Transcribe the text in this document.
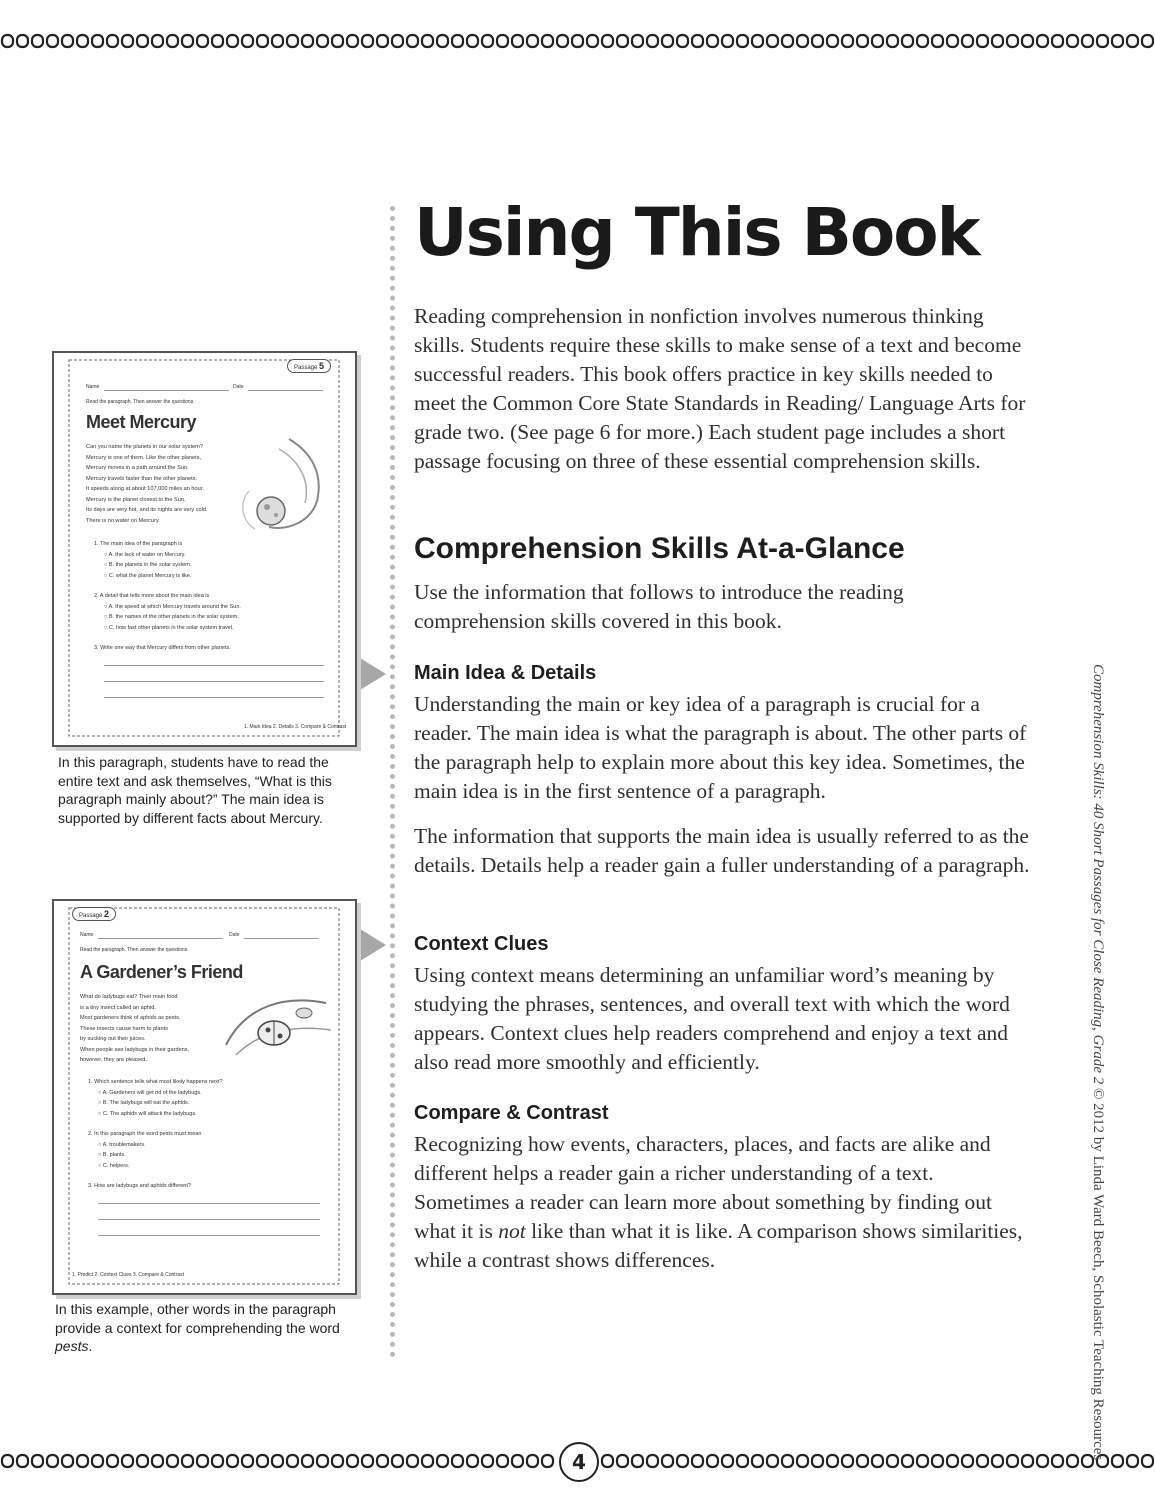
4
Using This Book

Reading comprehension in nonfiction involves numerous thinking skills. Students require these skills to make sense of a text and become successful readers. This book offers practice in key skills needed to meet the Common Core State Standards in Reading/ Language Arts for grade two. (See page 6 for more.) Each student page includes a short passage focusing on three of these essential comprehension skills.

Comprehension Skills At-a-Glance

Use the information that follows to introduce the reading comprehension skills covered in this book.

Main Idea & Details

Understanding the main or key idea of a paragraph is crucial for a reader. The main idea is what the paragraph is about. The other parts of the paragraph help to explain more about this key idea. Sometimes, the main idea is in the first sentence of a paragraph.

The information that supports the main idea is usually referred to as the details. Details help a reader gain a fuller understanding of a paragraph.

Context Clues

Using context means determining an unfamiliar word’s meaning by studying the phrases, sentences, and overall text with which the word appears. Context clues help readers comprehend and enjoy a text and also read more smoothly and efficiently.

Compare & Contrast

Recognizing how events, characters, places, and facts are alike and different helps a reader gain a richer understanding of a text. Sometimes a reader can learn more about something by finding out what it is not like than what it is like. A comparison shows similarities, while a contrast shows differences.

Comprehension Skills: 40 Short Passages for Close Reading, Grade 2 © 2012 by Linda Ward Beech, Scholastic Teaching Resources
Passage 5
Name	Date
Read the paragraph. Then answer the questions.
Meet Mercury
Can you name the planets in our solar system?
Mercury is one of them. Like the other planets,
Mercury moves in a path around the Sun.
Mercury travels faster than the other planets.
It speeds along at about 107,000 miles an hour.
Mercury is the planet closest to the Sun.
Its days are very hot, and its nights are very cold.
There is no water on Mercury.
1. The main idea of the paragraph is
○ A. the lack of water on Mercury.
○ B. the planets in the solar system.
○ C. what the planet Mercury is like.
2. A detail that tells more about the main idea is
○ A. the speed at which Mercury travels around the Sun.
○ B. the names of the other planets in the solar system.
○ C. how fast other planets in the solar system travel.
3. Write one way that Mercury differs from other planets.
1. Main Idea 2. Details 3. Compare & Contrast

In this paragraph, students have to read the entire text and ask themselves, “What is this paragraph mainly about?” The main idea is supported by different facts about Mercury.

Passage 2
Name	Date
Read the paragraph. Then answer the questions.
A Gardener’s Friend
What do ladybugs eat? Their main food
is a tiny insect called an aphid.
Most gardeners think of aphids as pests.
These insects cause harm to plants
by sucking out their juices.
When people see ladybugs in their gardens,
however, they are pleased.
1. Which sentence tells what most likely happens next?
○ A. Gardeners will get rid of the ladybugs.
○ B. The ladybugs will eat the aphids.
○ C. The aphids will attack the ladybugs.
2. In this paragraph the word pests must mean
○ A. troublemakers.
○ B. plants.
○ C. helpers.
3. How are ladybugs and aphids different?
1. Predict 2. Context Clues 3. Compare & Contrast

In this example, other words in the paragraph provide a context for comprehending the word pests.
